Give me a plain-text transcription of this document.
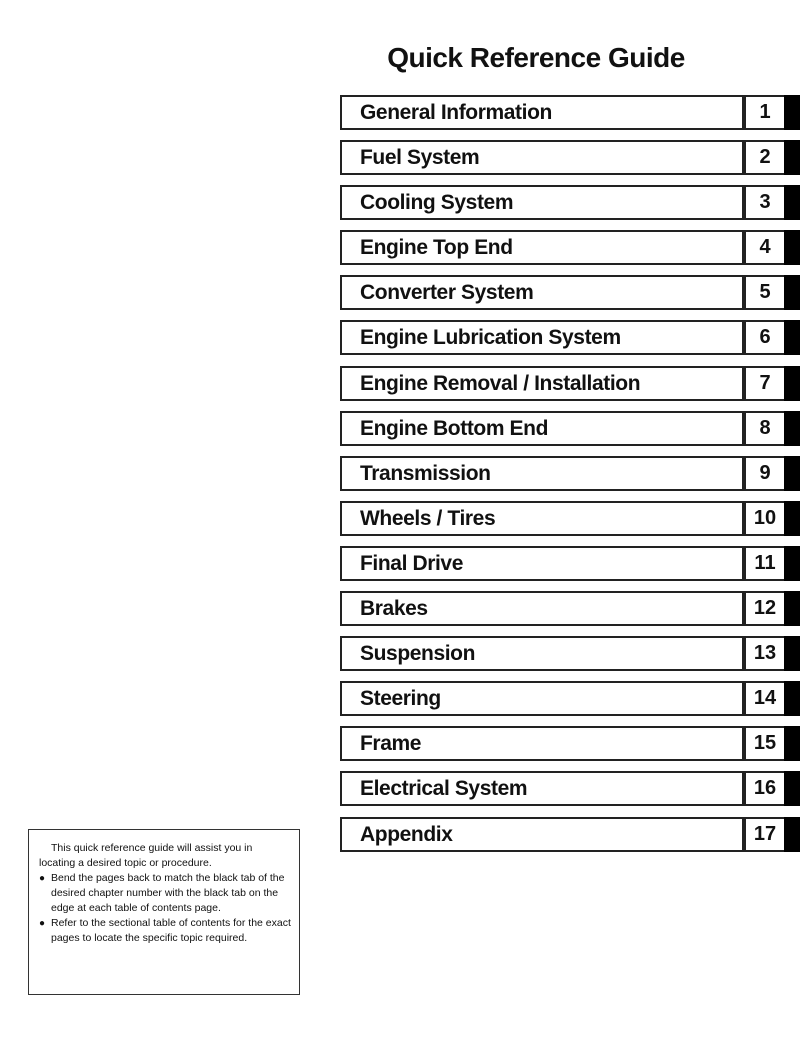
Quick Reference Guide
General Information	1
Fuel System	2
Cooling System	3
Engine Top End	4
Converter System	5
Engine Lubrication System	6
Engine Removal / Installation	7
Engine Bottom End	8
Transmission	9
Wheels / Tires	10
Final Drive	11
Brakes	12
Suspension	13
Steering	14
Frame	15
Electrical System	16
Appendix	17

This quick reference guide will assist you in locating a desired topic or procedure.

● Bend the pages back to match the black tab of the desired chapter number with the black tab on the edge at each table of contents page.

● Refer to the sectional table of contents for the exact pages to locate the specific topic required.
